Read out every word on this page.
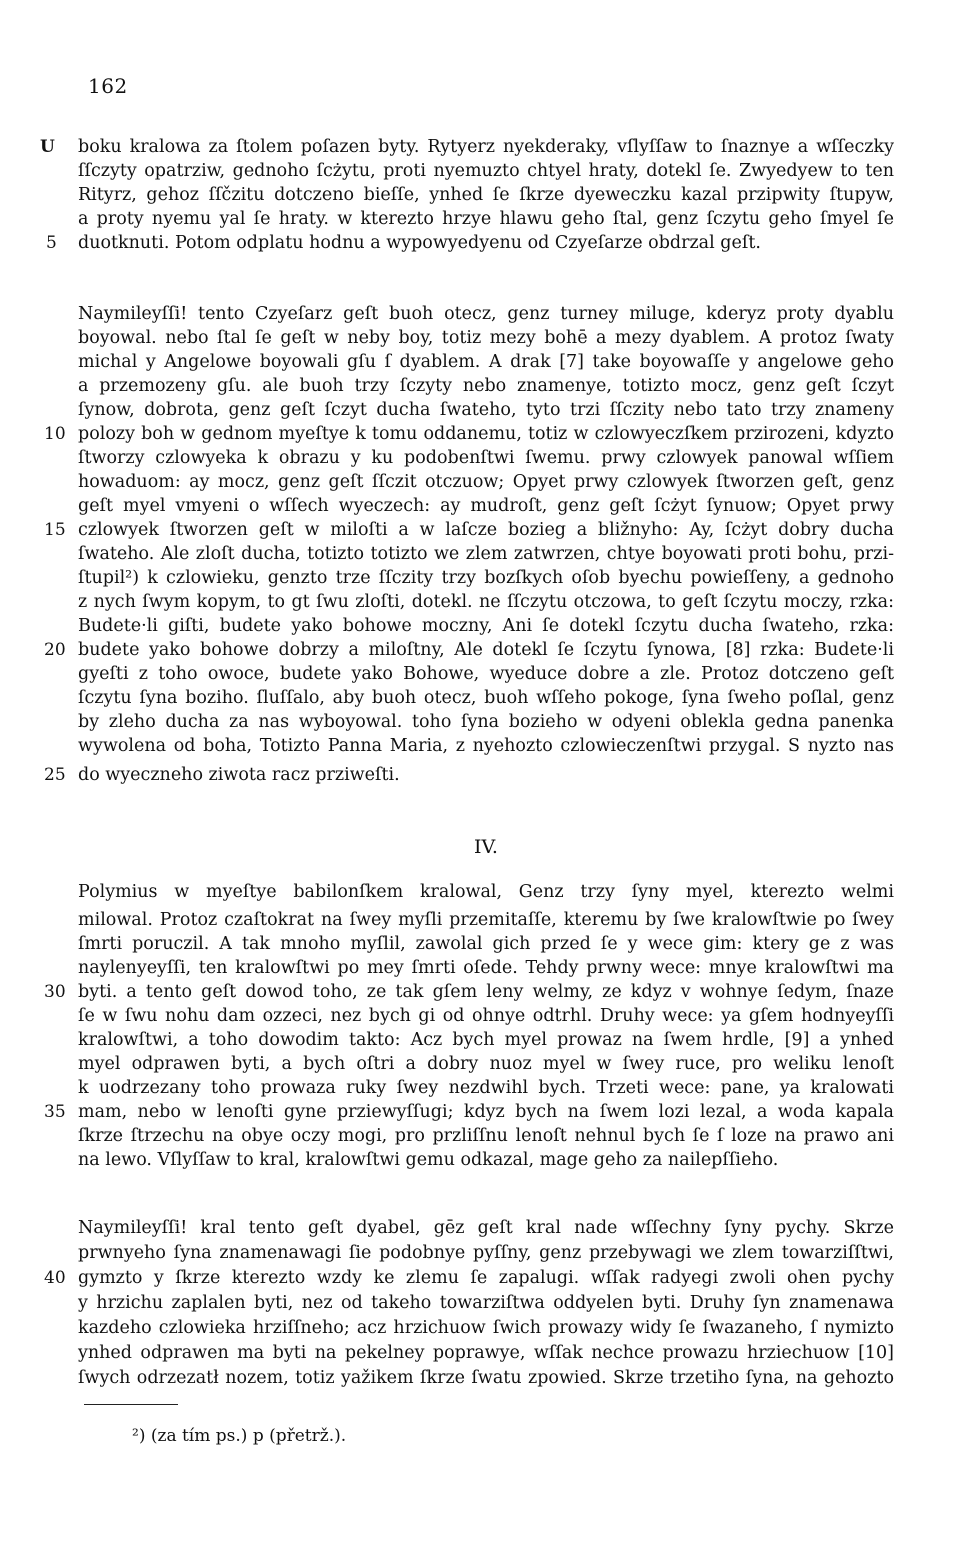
162
U
5
10
15
20
25
30
35
40
boku kralowa za ſtolem poſazen byty. Rytyerz nyekderaky, vſlyſſaw to ſnaznye a wſſeczky
ſſczyty opatrziw, gednoho ſcżytu, proti nyemuzto chtyel hraty, dotekl ſe. Zwyedyew to ten
Rityrz, gehoz ſſčzitu dotczeno bieſſe, ynhed ſe ſkrze dyeweczku kazal przipwity ſtupyw,
a proty nyemu yal ſe hraty. w kterezto hrzye hlawu geho ſtal, genz ſczytu geho ſmyel ſe
duotknuti. Potom odplatu hodnu a wypowyedyenu od Czyeſarze obdrzal geſt.
Naymileyſſi! tento Czyeſarz geſt buoh otecz, genz turney miluge, kderyz proty dyablu
boyowal. nebo ſtal ſe geſt w neby boy, totiz mezy bohē a mezy dyablem. A protoz ſwaty
michal y Angelowe boyowali gſu ſ dyablem. A drak [7] take boyowaſſe y angelowe geho
a przemozeny gſu. ale buoh trzy ſczyty nebo znamenye, totizto mocz, genz geſt ſczyt
ſynow, dobrota, genz geſt ſczyt ducha ſwateho, tyto trzi ſſczity nebo tato trzy znameny
polozy boh w gednom myeſtye k tomu oddanemu, totiz w czlowyeczſkem przirozeni, kdyzto
ſtworzy czlowyeka k obrazu y ku podobenſtwi ſwemu. prwy czlowyek panowal wſſiem
howaduom: ay mocz, genz geſt ſſczit otczuow; Opyet prwy czlowyek ſtworzen geſt, genz
geſt myel vmyeni o wſſech wyeczech: ay mudroſt, genz geſt ſcżyt ſynuow; Opyet prwy
czlowyek ſtworzen geſt w miloſti a w laſcze bozieg a bližnyho: Ay, ſcżyt dobry ducha
ſwateho. Ale zloſt ducha, totizto totizto we zlem zatwrzen, chtye boyowati proti bohu, przi-
ſtupil²) k czlowieku, genzto trze ſſczity trzy bozſkych oſob byechu powieſſeny, a gednoho
z nych ſwym kopym, to gt ſwu zloſti, dotekl. ne ſſczytu otczowa, to geſt ſczytu moczy, rzka:
Budete·li giſti, budete yako bohowe moczny, Ani ſe dotekl ſczytu ducha ſwateho, rzka:
budete yako bohowe dobrzy a miloſtny, Ale dotekl ſe ſczytu ſynowa, [8] rzka: Budete·li
gyeſti z toho owoce, budete yako Bohowe, wyeduce dobre a zle. Protoz dotczeno geſt
ſczytu ſyna boziho. ſluſſalo, aby buoh otecz, buoh wſſeho pokoge, ſyna ſweho poſlal, genz
by zleho ducha za nas wyboyowal. toho ſyna bozieho w odyeni oblekla gedna panenka
wywolena od boha, Totizto Panna Maria, z nyehozto czlowieczenſtwi przygal. S nyzto nas
do wyeczneho ziwota racz prziweſti.
IV.
Polymius w myeſtye babilonſkem kralowal, Genz trzy ſyny myel, kterezto welmi
milowal. Protoz czaſtokrat na ſwey myſli przemitaſſe, kteremu by ſwe kralowſtwie po ſwey
ſmrti poruczil. A tak mnoho myſlil, zawolal gich przed ſe y wece gim: ktery ge z was
naylenyeyſſi, ten kralowſtwi po mey ſmrti oſede. Tehdy prwny wece: mnye kralowſtwi ma
byti. a tento geſt dowod toho, ze tak gſem leny welmy, ze kdyz v wohnye ſedym, ſnaze
ſe w ſwu nohu dam ozzeci, nez bych gi od ohnye odtrhl. Druhy wece: ya gſem hodnyeyſſi
kralowſtwi, a toho dowodim takto: Acz bych myel prowaz na ſwem hrdle, [9] a ynhed
myel odprawen byti, a bych oſtri a dobry nuoz myel w ſwey ruce, pro weliku lenoſt
k uodrzezany toho prowaza ruky ſwey nezdwihl bych. Trzeti wece: pane, ya kralowati
mam, nebo w lenoſti gyne prziewyſſugi; kdyz bych na ſwem lozi lezal, a woda kapala
ſkrze ſtrzechu na obye oczy mogi, pro przliſſnu lenoſt nehnul bych ſe ſ loze na prawo ani
na lewo. Vſlyſſaw to kral, kralowſtwi gemu odkazal, mage geho za nailepſſieho.
Naymileyſſi! kral tento geſt dyabel, gēz geſt kral nade wſſechny ſyny pychy. Skrze
prwnyeho ſyna znamenawagi ſie podobnye pyſſny, genz przebywagi we zlem towarziſſtwi,
gymzto y ſkrze kterezto wzdy ke zlemu ſe zapalugi. wſſak radyegi zwoli ohen pychy
y hrzichu zaplalen byti, nez od takeho towarziſtwa oddyelen byti. Druhy ſyn znamenawa
kazdeho czlowieka hrziſſneho; acz hrzichuow ſwich prowazy widy ſe ſwazaneho, ſ nymizto
ynhed odprawen ma byti na pekelney poprawye, wſſak nechce prowazu hrziechuow [10]
ſwych odrzezatł nozem, totiz yažikem ſkrze ſwatu zpowied. Skrze trzetiho ſyna, na gehozto
²) (za tím ps.) p (přetrž.).
